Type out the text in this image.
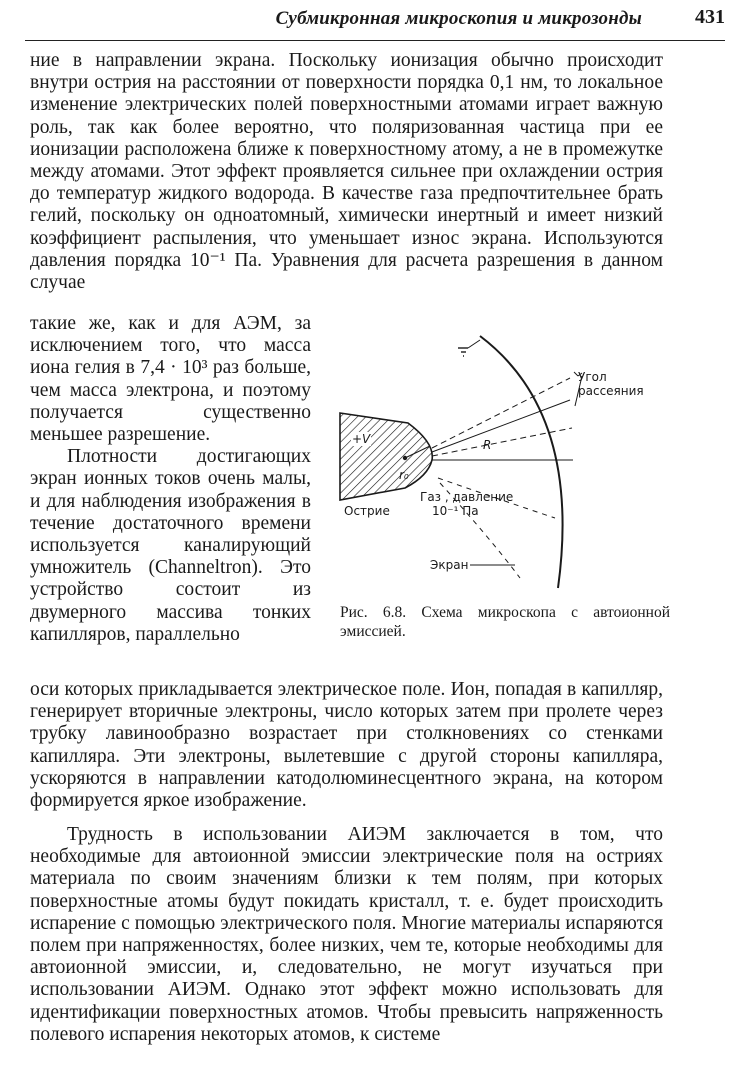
Субмикронная микроскопия и микрозонды	431

ние в направлении экрана. Поскольку ионизация обычно происходит внутри острия на расстоянии от поверхности порядка 0,1 нм, то локальное изменение электрических полей поверхностными атомами играет важную роль, так как более вероятно, что поляризованная частица при ее ионизации расположена ближе к поверхностному атому, а не в промежутке между атомами. Этот эффект проявляется сильнее при охлаждении острия до температур жидкого водорода. В качестве газа предпочтительнее брать гелий, поскольку он одноатомный, химически инертный и имеет низкий коэффициент распыления, что уменьшает износ экрана. Используются давления порядка 10⁻¹ Па. Уравнения для расчета разрешения в данном случае

такие же, как и для АЭМ, за исключением того, что масса иона гелия в 7,4 · 10³ раз больше, чем масса электрона, и поэтому получается существенно меньшее разрешение.
Плотности достигающих экран ионных токов очень малы, и для наблюдения изображения в течение достаточного времени используется каналирующий умножитель (Channeltron). Это устройство состоит из двумерного массива тонких капилляров, параллельно

оси которых прикладывается электрическое поле. Ион, попадая в капилляр, генерирует вторичные электроны, число которых затем при пролете через трубку лавинообразно возрастает при столкновениях со стенками капилляра. Эти электроны, вылетевшие с другой стороны капилляра, ускоряются в направлении катодолюминесцентного экрана, на котором формируется яркое изображение.

Трудность в использовании АИЭМ заключается в том, что необходимые для автоионной эмиссии электрические поля на остриях материала по своим значениям близки к тем полям, при которых поверхностные атомы будут покидать кристалл, т. е. будет происходить испарение с помощью электрического поля. Многие материалы испаряются полем при напряженностях, более низких, чем те, которые необходимы для автоионной эмиссии, и, следовательно, не могут изучаться при использовании АИЭМ. Однако этот эффект можно использовать для идентификации поверхностных атомов. Чтобы превысить напряженность полевого испарения некоторых атомов, к системе

Угол

рассеяния

+V	R

r₀

Газ , давление

10⁻¹ Па

Острие

Экран

Рис. 6.8. Схема микроскопа с автоионной эмиссией.
